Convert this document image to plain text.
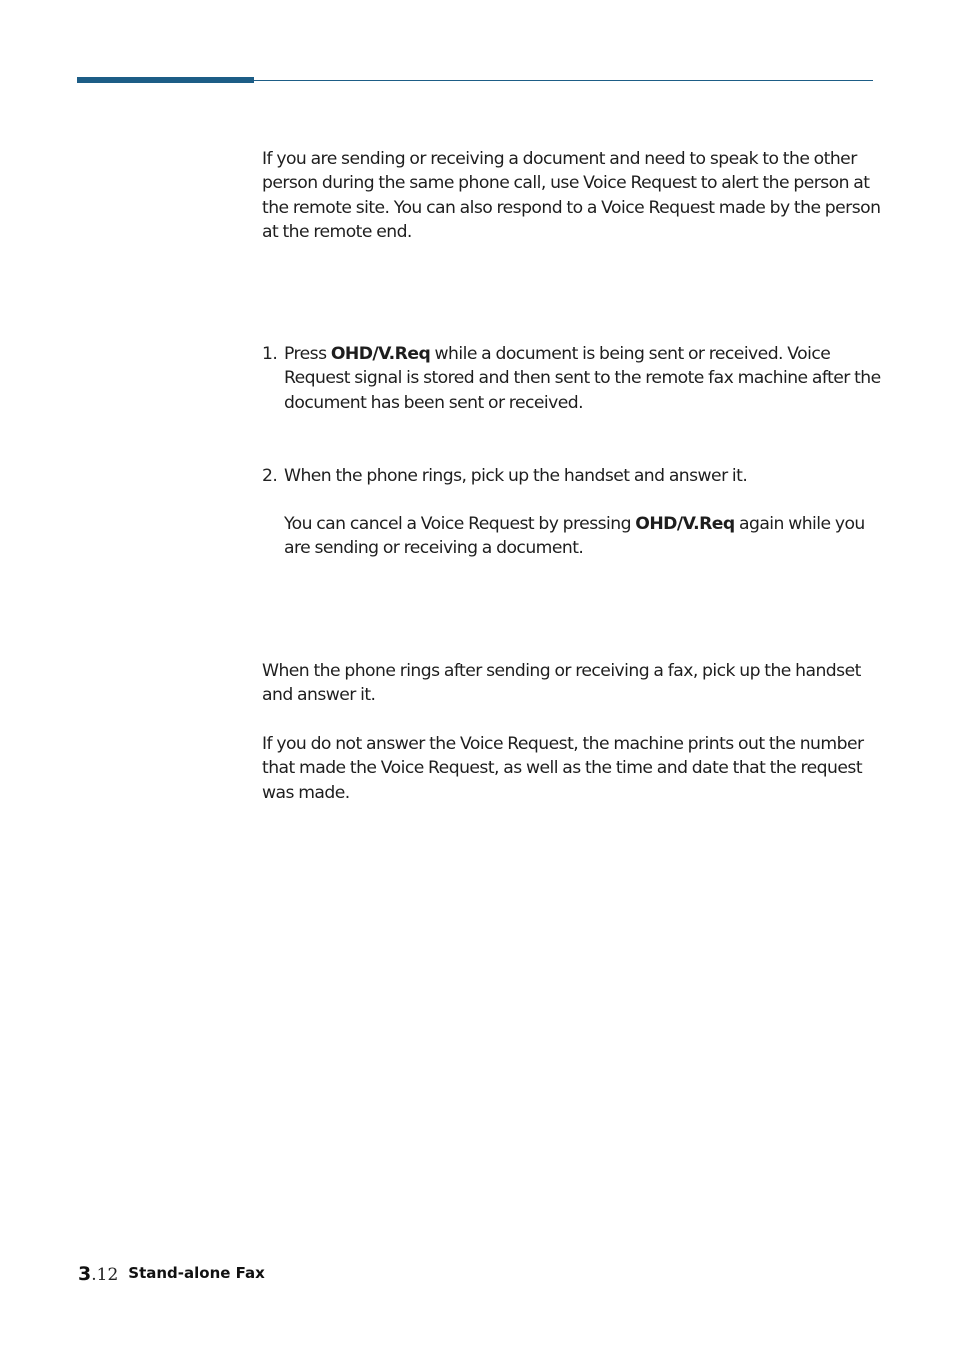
If you are sending or receiving a document and need to speak to the other person during the same phone call, use Voice Request to alert the person at the remote site. You can also respond to a Voice Request made by the person at the remote end.

1. Press OHD/V.Req while a document is being sent or received. Voice Request signal is stored and then sent to the remote fax machine after the document has been sent or received.
2. When the phone rings, pick up the handset and answer it.
You can cancel a Voice Request by pressing OHD/V.Req again while you are sending or receiving a document.

When the phone rings after sending or receiving a fax, pick up the handset and answer it.

If you do not answer the Voice Request, the machine prints out the number that made the Voice Request, as well as the time and date that the request was made.

3.12 Stand-alone Fax
